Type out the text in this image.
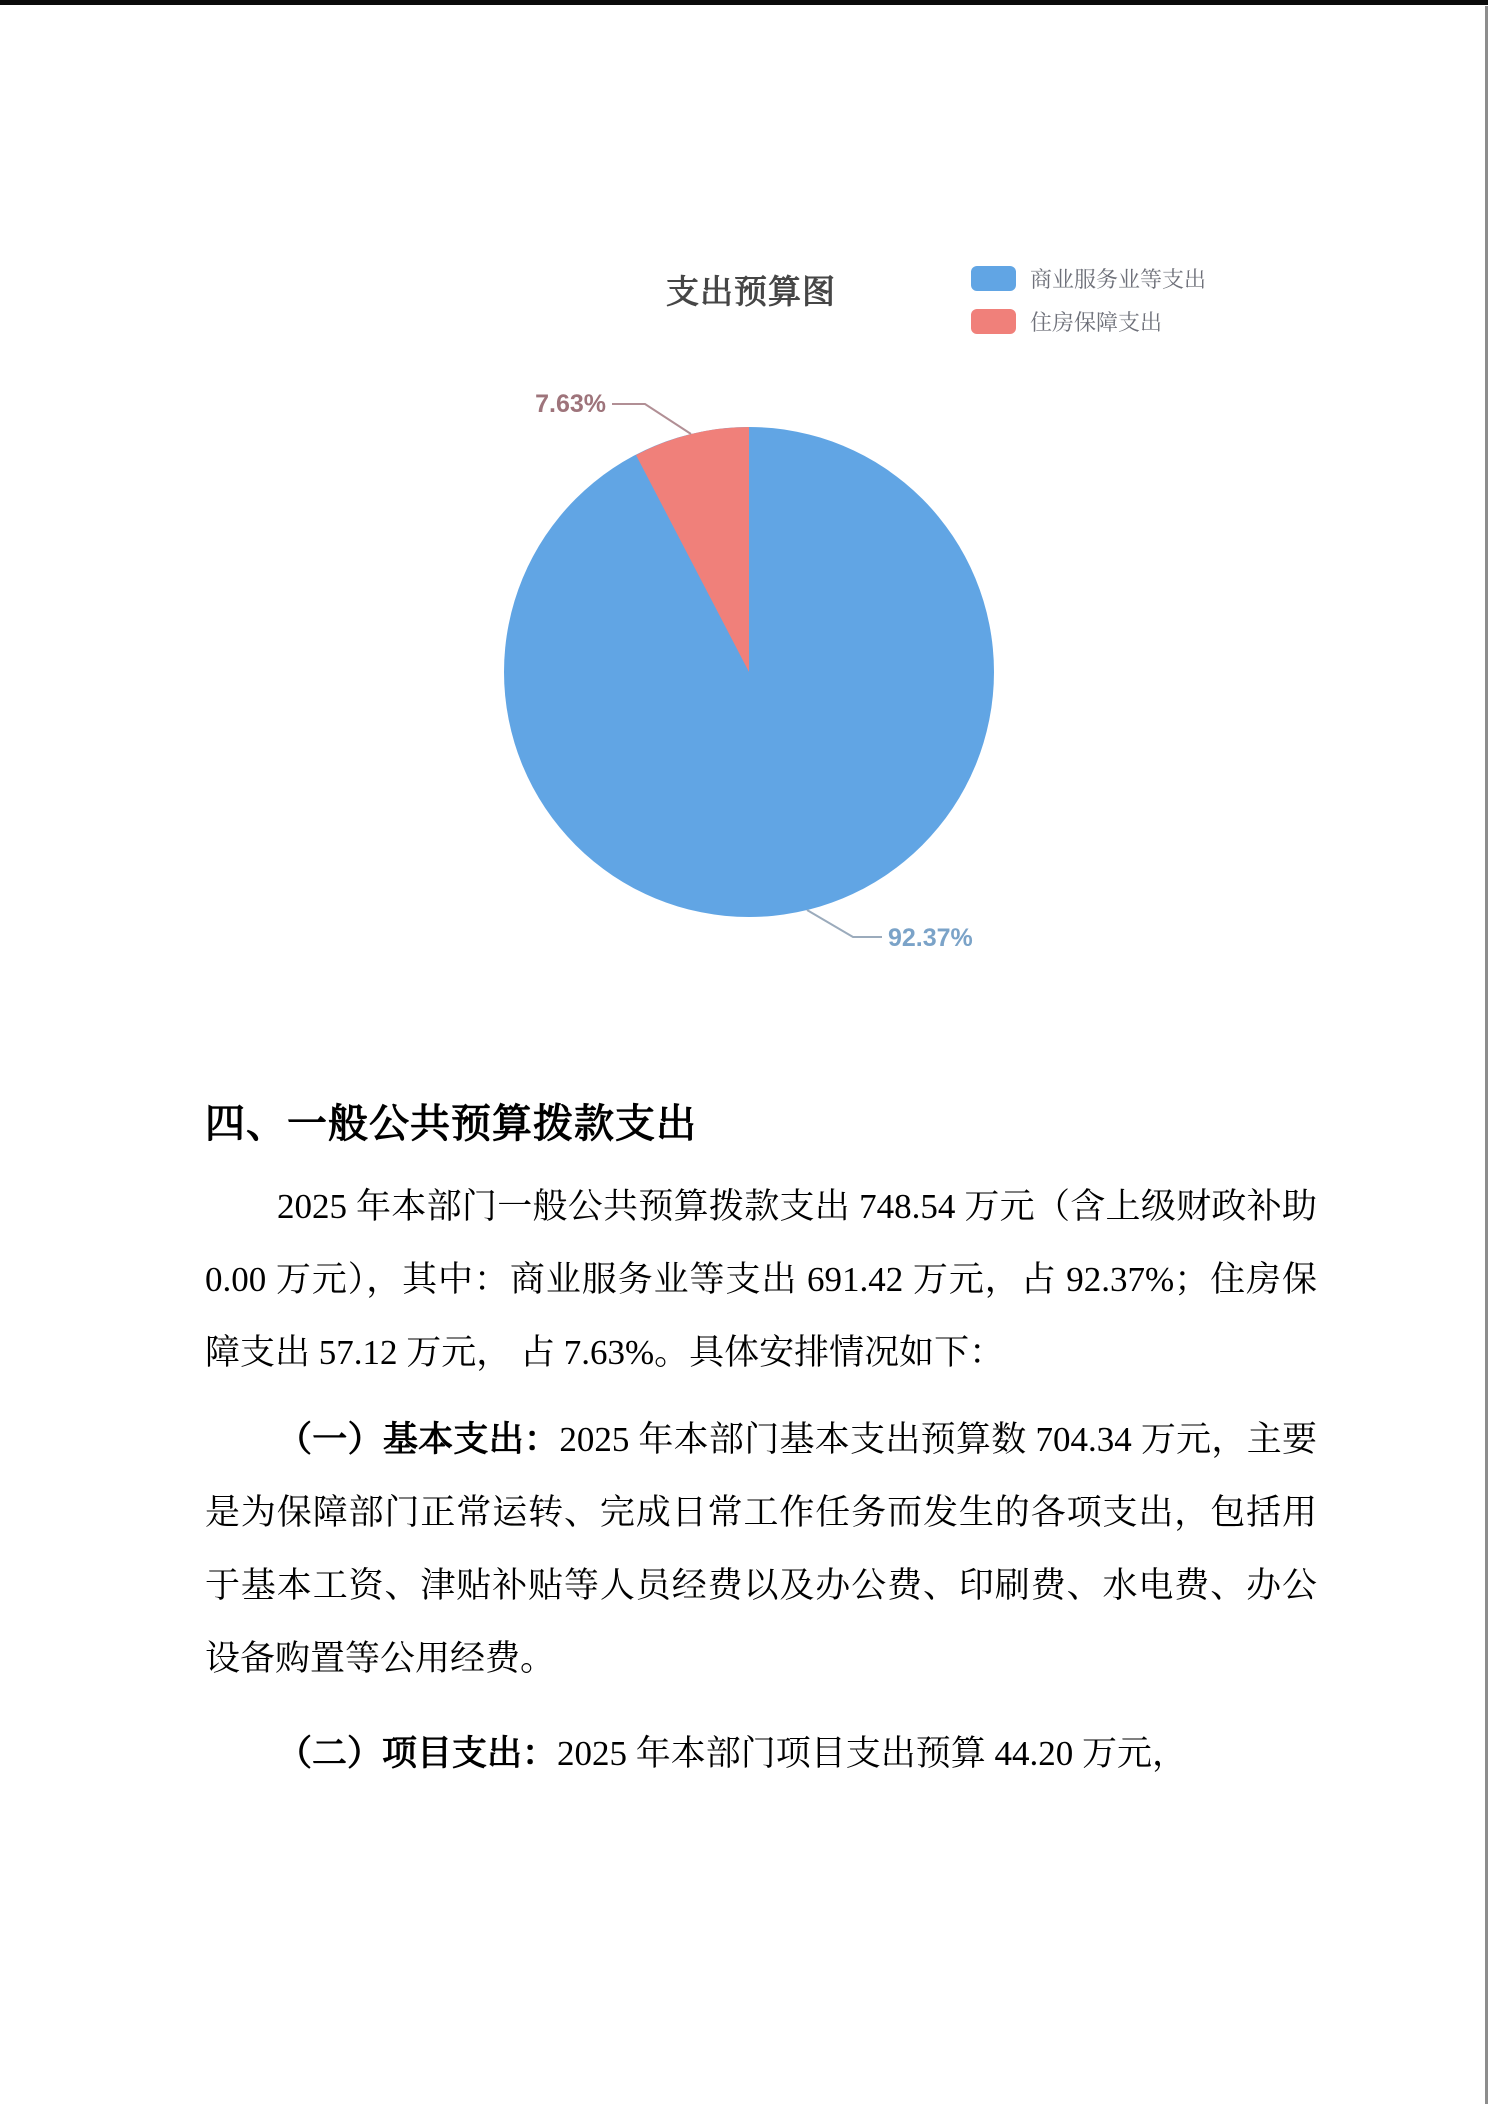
支出预算图	商业服务业等支出
住房保障支出
7.63%
92.37%
四、一般公共预算拨款支出

2025 年本部门一般公共预算拨款支出 748.54 万元（含上级财政补助 0.00 万元），其中：商业服务业等支出 691.42 万元，占 92.37%；住房保障支出 57.12 万元， 占 7.63%。具体安排情况如下：

（一）基本支出：2025 年本部门基本支出预算数 704.34 万元，主要是为保障部门正常运转、完成日常工作任务而发生的各项支出，包括用于基本工资、津贴补贴等人员经费以及办公费、印刷费、水电费、办公设备购置等公用经费。

（二）项目支出：2025 年本部门项目支出预算 44.20 万元，
